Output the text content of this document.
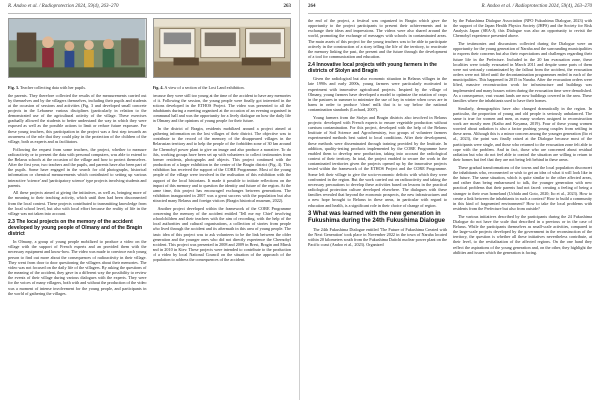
R. Andoo et al. / Radioprotection 2024, 59(4), 263–270	263
Fig. 3. Teacher collecting data with her pupils.

the parents. They therefore collected the results of the measurements carried out by themselves and by the villagers themselves, including their pupils and students at the occasion of sessions and activities (Fig. 3 and developed small concrete projects in the Lebanese various disciplines (particularly in relation to the demonstrated use of the agricultural activity of the village. These exercises gradually allowed the students to better understand the way in which they were exposed as well as the possible actions to limit or reduce future exposure. For these young teachers, this participation in the project was a first step towards an awareness of the role that they could play in the protection of the children of the village, both as experts and as facilitators.

Following the request from some teachers, the project, whether to measure radioactivity or to present the data with personal computers, was able to extend to the Belarus schools at the occasion of the village and how to protect themselves. After the first year, two teachers and the pupils, and parents have also been part of the pupils. Some have engaged in the search for old photographs, historical information or chemical measurements which contributed to setting up various interactive 'science' and 'participatory science' type projects involving students and parents.

All these projects aimed at giving the initiatives, as well as, bringing more of the meaning to their teaching activity, which until then had been disconnected from the local context. These projects contributed to transmitting knowledge from the local school level, but also with local effort because the reality of life in the village was not taken into account.

2.3 The local projects on the memory of the accident developed by young people of Olmany and of the Bragin district

In Olmany, a group of young people mobilized to produce a video on the village with the support of French experts and an provided them with the necessary equipment and know-how. The video was made to convince each young person to find out more about the consequences of radioactivity in their village. They went from door to door questioning the villagers about their memories. The video was not focused on the daily life of the villagers. By asking the questions of the meaning of the accident, they gave in a different way the possibility to review the events of their village during various dialogues with the experts. They were for the voices of many villagers, both with and without the production of the video was a moment of intense involvement for the young people, and participants in the world of gathering the villages.

Fig. 4. A view of a section of the Lost Land exhibition.

because they were still too young at the time of the accident to have any memories of it. Following the session, the young people were finally got interested in the actions developed in the ETHOS Project. The video was presented to all the inhabitants during a meeting organised at the occasion of an evening organised in communal hall and was the opportunity for a lively dialogue on how the daily life in Olmany and the opinions of young people for their future.

In the district of Bragin, residents mobilized around a project aimed at gathering information on the lost villages of their district. The objective was to contribute to the record of the memory of the disappeared villages in the Belarusian territory and to help the people of the forbidden zone of 30 km around the Chernobyl power plant to give an image and also produce a narrative. To do this, working groups have been set up with volunteers to collect testimonies from former residents, photographs and objects. This project continued with the production of a larger exhibition in the center of the Bragin district (Fig. 4). This exhibition has received the support of the CORE Programme. Most of the young people of the village were involved in the realisation of this exhibition with the support of the local historians. It made it possible to initiate reflections on the impact of this memory and to question the identity and future of the region. At the same time, this project has encouraged exchanges between generations. The exhibition inaugurated in 2007 was a great success with the population but also attracted many Belarus and foreign visitors (Bragin historical museum, 2022).

Another project developed within the framework of the CORE Programme concerning the memory of the accident entitled 'Tell me my Chief' involving schoolchildren and their teachers with the aim of recording, with the help of the local authorities and cultural organisations, a collection of stories from people who lived through the accident and its aftermath in this area of young people. The basic idea of this project was to ask volunteers to be the link between the older generation and the younger ones who did not directly experience the Chernobyl accident. This project was presented in 2008 and 2009 in Brest, Bragin and Minsk and in 2010 in Kiev. These projects were intended to contribute to the production of a video by local National Council on the situation of the approach of the population to address the consequences of the accident.

264	R. Andoo et al. / Radioprotection 2024, 59(4), 263–270

the end of the project, a festival was organized in Bragin which gave the opportunity to the project participants to present their achievements and to exchange their ideas and impressions. The videos were also shared around the world, promoting the exchange of messages with schools in contaminated areas. The main assets of this project for the young teachers was to be able to participate actively in the construction of a story telling the life of the territory, to reactivate the memory linking the past, the present and the future through the development of a tool for communication and education.

2.4 Innovative local projects with young farmers in the districts of Stolyn and Bragin

Given the radiological but also economic situation in Belarus villages in the late 1990s and early 2000s, young farmers were particularly motivated to experiment with innovative agricultural projects. Inspired by the village of Olmany, young farmers have developed a model to optimize the rotation of crops in the pastures in summer to minimize the use of hay in winter when cows are in barns in order to produce 'clean' milk that is to say below the national contamination standards (Lochard, 2007).

Young farmers from the Stolyn and Bragin districts also involved in Belarus projects: developed with French experts to ensure vegetable production without caesium contamination. For this project, developed with the help of the Belarus Institute of Soil Science and Agrochemistry, two groups of volunteer farmers experimented methods best suited to local conditions. After their development, these methods were disseminated through training provided by the Institute. In addition, quality-testing products implemented by the CORE Programme have enabled them to develop new production, taking into account the radiological context of their territory. In total, the project enabled to secure the work in the contaminated territories given the projects opened up by the innovative projects tested within the framework of the ETHOS Project and the CORE Programme. Some left their village to give the socio-economic deficits with which they were confronted in the region. But the work carried out on radioactivity and taking the necessary precautions to develop these activities based on lessons in the practical radiological protection culture developed elsewhere. The dialogues with these families revealed that beyond the economic prospects, the new infrastructures and a new hope brought to Belarus in these areas, in particular with regard to education and health, is a significant role in their choice of change of region.

3 What was learned with the new generation in Fukushima during the 24th Fukushima Dialogue

The 24th Fukushima Dialogue entitled 'The Future of Fukushima Created with the Next Generation' took place in November 2022 in the town of Naraha located within 20 kilometers south from the Fukushima Daiichi nuclear power plant on the Pacific coast (Andoo et al., 2023). Organized

by the Fukushima Dialogue Association (NPO Fukushima Dialogue, 2023) with the support of the Japan Health Physics Society (JHPS) and the Society for Risk Analysis Japan (SRA-J), this Dialogue was also an opportunity to revisit the Chernobyl experience presented above.

The testimonies and discussions collected during the Dialogue were an opportunity for the young generation of Naraha and the surrounding municipalities to express their concerns but also their expectations and challenges regarding their future life in the Prefecture. Included in the 20 km evacuation zone, these localities were totally evacuated in March 2011 and despite some parts of them were not seriously contaminated by the fallout from the accident, the evacuation orders were not lifted until the decontamination programmes ended in each of the municipalities. This happened in 2015 in Naraha. After the evacuation orders were lifted, massive reconstruction work for infrastructure and buildings was implemented and many houses rotten during the evacuation time were demolished. As a consequence, vast vacant lands are now buildings covered in the area. These families where the inhabitants used to have their homes.

Similarly, demographics have also changed dramatically in the region. In particular, the proportion of young and old people is seriously unbalanced. The same is true for women and men, as many workers assigned to reconstruction work are mostly men (Kaiho and Koyama, 2019). Four of these young women worried about radiation is also a factor pushing young couples from settling in these areas. Although this is a minor concern among the younger generation (Ito et al., 2023), the point was finally raised at the Dialogue because most of the participants were single, and those who returned to the evacuation zone felt able to cope with the problem. And in fact, those who are concerned about residual radiation but who do not feel able to control the situation are willing to return to their homes but feel that they are not being left behind in these areas.

These gradual transformations of the towns and the local population disconcert the inhabitants who, reconnected or wish to get an idea of what it will look like in the future. The same situation, which is quite similar to the other affected areas, and rather than being embarrassed to talk, the younger generation with new practical problems that their parents had not faced: creating a feeling of being a stranger to their own homeland (Uchida and Goto, 2020; Ito et al., 2023). How to create a link between the inhabitants in such a context? How to build a community in this kind of fragmented environment? How to take the local problems with residents from the Prefecture but also from outside?

The various initiatives described by the participants during the 24 Fukushima Dialogue do not have the scale that described in a previous or in the case of Belarus. While the participants themselves as small-scale activities, compared to the large-scale projects developed by the government in the reconstruction of the territory, the question is whether all these initiatives nevertheless contribute, at their level, to the revitalization of the affected regions. On the one hand they reflect the aspirations of the young generation and, on the other, they highlight the abilities and issues which the generation is facing.
